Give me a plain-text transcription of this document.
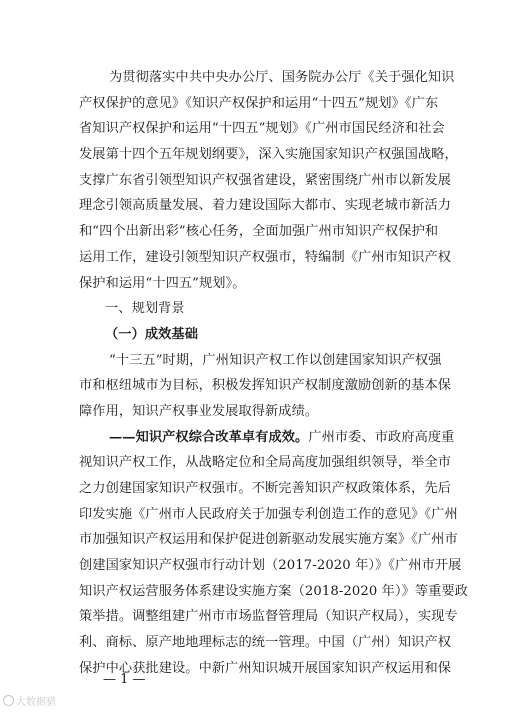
为贯彻落实中共中央办公厅、国务院办公厅《关于强化知识
产权保护的意见》《知识产权保护和运用“十四五”规划》《广东
省知识产权保护和运用“十四五”规划》《广州市国民经济和社会
发展第十四个五年规划纲要》，深入实施国家知识产权强国战略，
支撑广东省引领型知识产权强省建设，紧密围绕广州市以新发展
理念引领高质量发展、着力建设国际大都市、实现老城市新活力
和“四个出新出彩”核心任务，全面加强广州市知识产权保护和
运用工作，建设引领型知识产权强市，特编制《广州市知识产权
保护和运用“十四五”规划》。
一、规划背景
（一）成效基础
“十三五”时期，广州知识产权工作以创建国家知识产权强
市和枢纽城市为目标，积极发挥知识产权制度激励创新的基本保
障作用，知识产权事业发展取得新成绩。
——知识产权综合改革卓有成效。广州市委、市政府高度重
视知识产权工作，从战略定位和全局高度加强组织领导，举全市
之力创建国家知识产权强市。不断完善知识产权政策体系，先后
印发实施《广州市人民政府关于加强专利创造工作的意见》《广州
市加强知识产权运用和保护促进创新驱动发展实施方案》《广州市
创建国家知识产权强市行动计划（2017-2020 年）》《广州市开展
知识产权运营服务体系建设实施方案（2018-2020 年）》等重要政
策举措。调整组建广州市市场监督管理局（知识产权局），实现专
利、商标、原产地地理标志的统一管理。中国（广州）知识产权
保护中心获批建设。中新广州知识城开展国家知识产权运用和保
— 1 —
大数据猎
